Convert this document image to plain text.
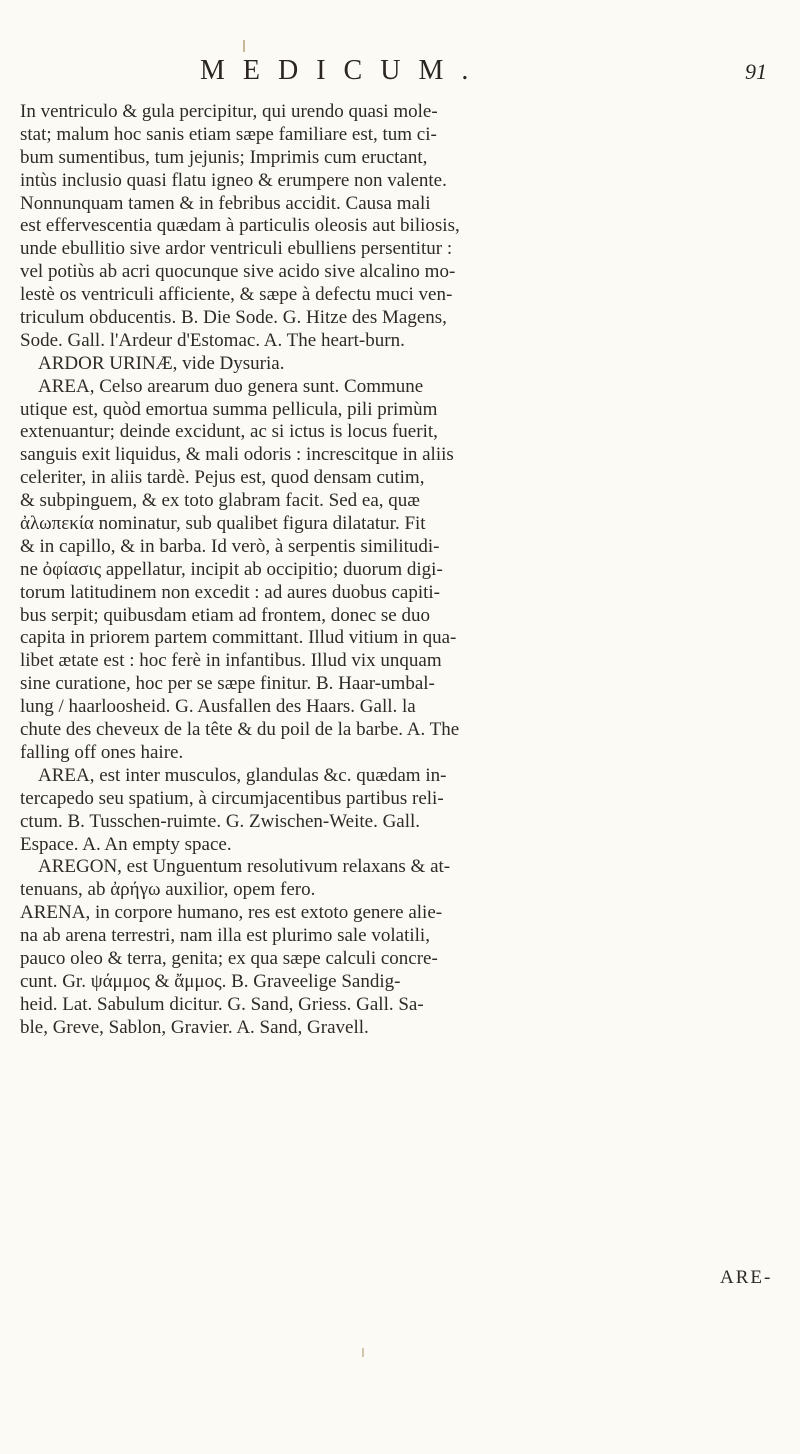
MEDICUM.	91
In ventriculo & gula percipitur, qui urendo quasi mole-
stat; malum hoc sanis etiam sæpe familiare est, tum ci-
bum sumentibus, tum jejunis; Imprimis cum eructant,
intùs inclusio quasi flatu igneo & erumpere non valente.
Nonnunquam tamen & in febribus accidit. Causa mali
est effervescentia quædam à particulis oleosis aut biliosis,
unde ebullitio sive ardor ventriculi ebulliens persentitur :
vel potiùs ab acri quocunque sive acido sive alcalino mo-
lestè os ventriculi afficiente, & sæpe à defectu muci ven-
triculum obducentis. B. Die Sode. G. Hitze des Magens,
Sode. Gall. l'Ardeur d'Estomac. A. The heart-burn.
ARDOR URINÆ, vide Dysuria.
AREA, Celso arearum duo genera sunt. Commune
utique est, quòd emortua summa pellicula, pili primùm
extenuantur; deinde excidunt, ac si ictus is locus fuerit,
sanguis exit liquidus, & mali odoris : increscitque in aliis
celeriter, in aliis tardè. Pejus est, quod densam cutim,
& subpinguem, & ex toto glabram facit. Sed ea, quæ
ἀλωπεκία nominatur, sub qualibet figura dilatatur. Fit
& in capillo, & in barba. Id verò, à serpentis similitudi-
ne ὀφίασις appellatur, incipit ab occipitio; duorum digi-
torum latitudinem non excedit : ad aures duobus capiti-
bus serpit; quibusdam etiam ad frontem, donec se duo
capita in priorem partem committant. Illud vitium in qua-
libet ætate est : hoc ferè in infantibus. Illud vix unquam
sine curatione, hoc per se sæpe finitur. B. Haar-umbal-
lung / haarloosheid. G. Ausfallen des Haars. Gall. la
chute des cheveux de la tête & du poil de la barbe. A. The
falling off ones haire.
AREA, est inter musculos, glandulas &c. quædam in-
tercapedo seu spatium, à circumjacentibus partibus reli-
ctum. B. Tusschen-ruimte. G. Zwischen-Weite. Gall.
Espace. A. An empty space.
AREGON, est Unguentum resolutivum relaxans & at-
tenuans, ab ἀρήγω auxilior, opem fero.
ARENA, in corpore humano, res est extoto genere alie-
na ab arena terrestri, nam illa est plurimo sale volatili,
pauco oleo & terra, genita; ex qua sæpe calculi concre-
cunt. Gr. ψάμμος & ἄμμος. B. Graveelige Sandig-
heid. Lat. Sabulum dicitur. G. Sand, Griess. Gall. Sa-
ble, Greve, Sablon, Gravier. A. Sand, Gravell.
ARE-
